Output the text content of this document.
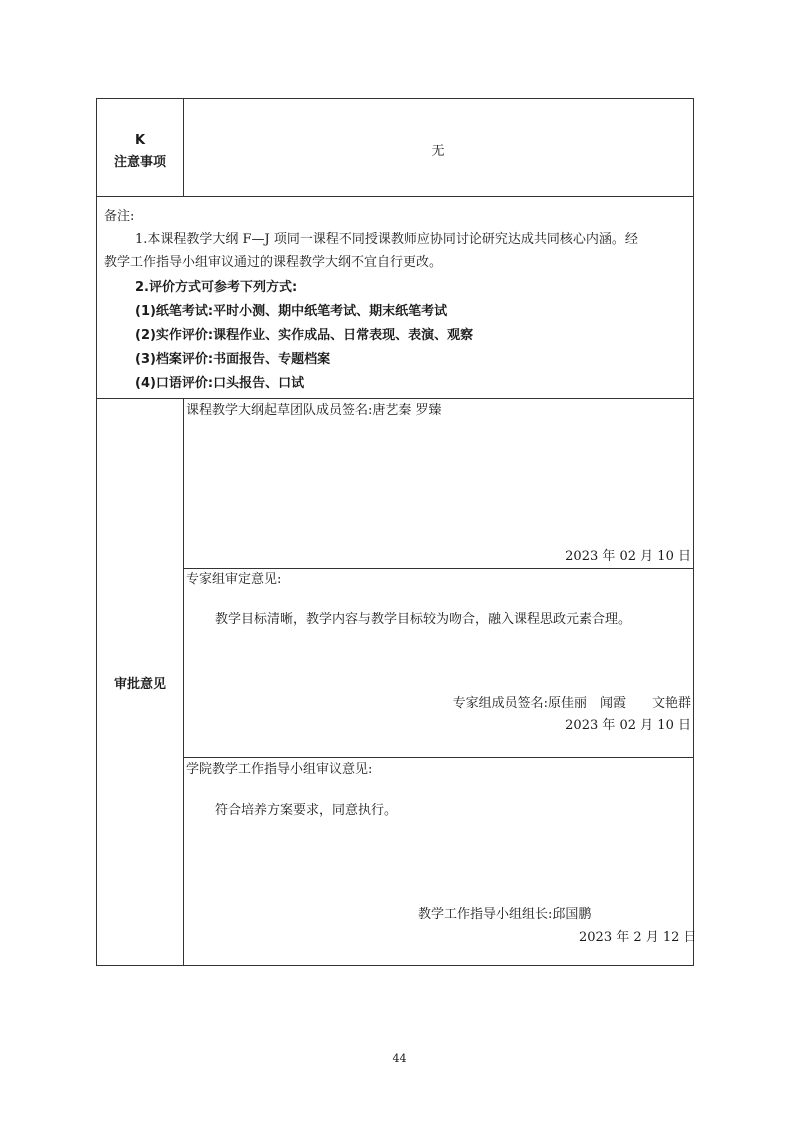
K
注意事项
无
备注:
1.本课程教学大纲 F—J 项同一课程不同授课教师应协同讨论研究达成共同核心内涵。经
教学工作指导小组审议通过的课程教学大纲不宜自行更改。
2.评价方式可参考下列方式:
(1)纸笔考试:平时小测、期中纸笔考试、期末纸笔考试
(2)实作评价:课程作业、实作成品、日常表现、表演、观察
(3)档案评价:书面报告、专题档案
(4)口语评价:口头报告、口试
审批意见
课程教学大纲起草团队成员签名:唐艺秦 罗臻
2023 年 02 月 10 日
专家组审定意见:
教学目标清晰，教学内容与教学目标较为吻合，融入课程思政元素合理。
专家组成员签名:原佳丽　闻霞　　文艳群
2023 年 02 月 10 日
学院教学工作指导小组审议意见:
符合培养方案要求，同意执行。
教学工作指导小组组长:邱国鹏
2023 年 2 月 12 日
44
